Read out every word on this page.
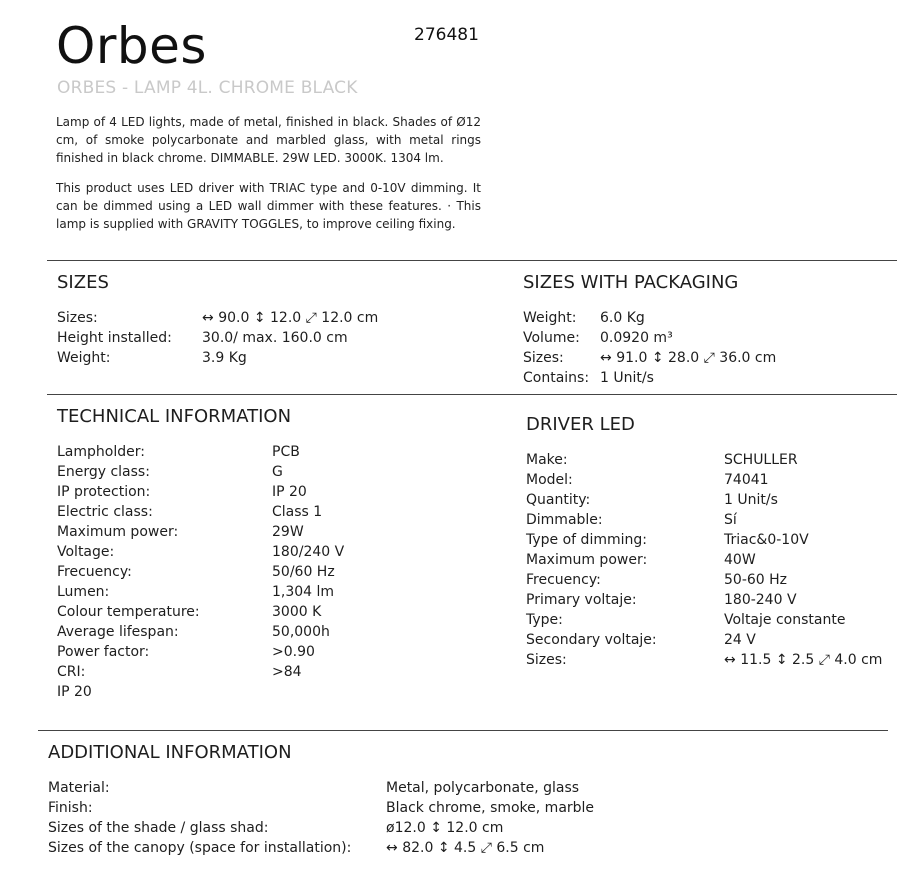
Orbes	276481
ORBES - LAMP 4L. CHROME BLACK

Lamp of 4 LED lights, made of metal, finished in black. Shades of Ø12 cm, of smoke polycarbonate and marbled glass, with metal rings finished in black chrome. DIMMABLE. 29W LED. 3000K. 1304 lm.

This product uses LED driver with TRIAC type and 0-10V dimming. It can be dimmed using a LED wall dimmer with these features. · This lamp is supplied with GRAVITY TOGGLES, to improve ceiling fixing.

SIZES
Sizes:	↔ 90.0 ↕ 12.0 ⤢ 12.0 cm
Height installed:	30.0/ max. 160.0 cm
Weight:	3.9 Kg
SIZES WITH PACKAGING
Weight:	6.0 Kg
Volume:	0.0920 m³
Sizes:	↔ 91.0 ↕ 28.0 ⤢ 36.0 cm
Contains: 1 Unit/s
TECHNICAL INFORMATION
Lampholder:	PCB
Energy class:	G
IP protection:	IP 20
Electric class:	Class 1
Maximum power:	29W
Voltage:	180/240 V
Frecuency:	50/60 Hz
Lumen:	1,304 lm
Colour temperature:	3000 K
Average lifespan:	50,000h
Power factor:	>0.90
CRI:	>84
IP 20
DRIVER LED
Make:	SCHULLER
Model:	74041
Quantity:	1 Unit/s
Dimmable:	Sí
Type of dimming:	Triac&0-10V
Maximum power:	40W
Frecuency:	50-60 Hz
Primary voltaje:	180-240 V
Type:	Voltaje constante
Secondary voltaje:	24 V
Sizes:	↔ 11.5 ↕ 2.5 ⤢ 4.0 cm
ADDITIONAL INFORMATION
Material:	Metal, polycarbonate, glass
Finish:	Black chrome, smoke, marble
Sizes of the shade / glass shad:	ø12.0 ↕ 12.0 cm
Sizes of the canopy (space for installation):	↔ 82.0 ↕ 4.5 ⤢ 6.5 cm
